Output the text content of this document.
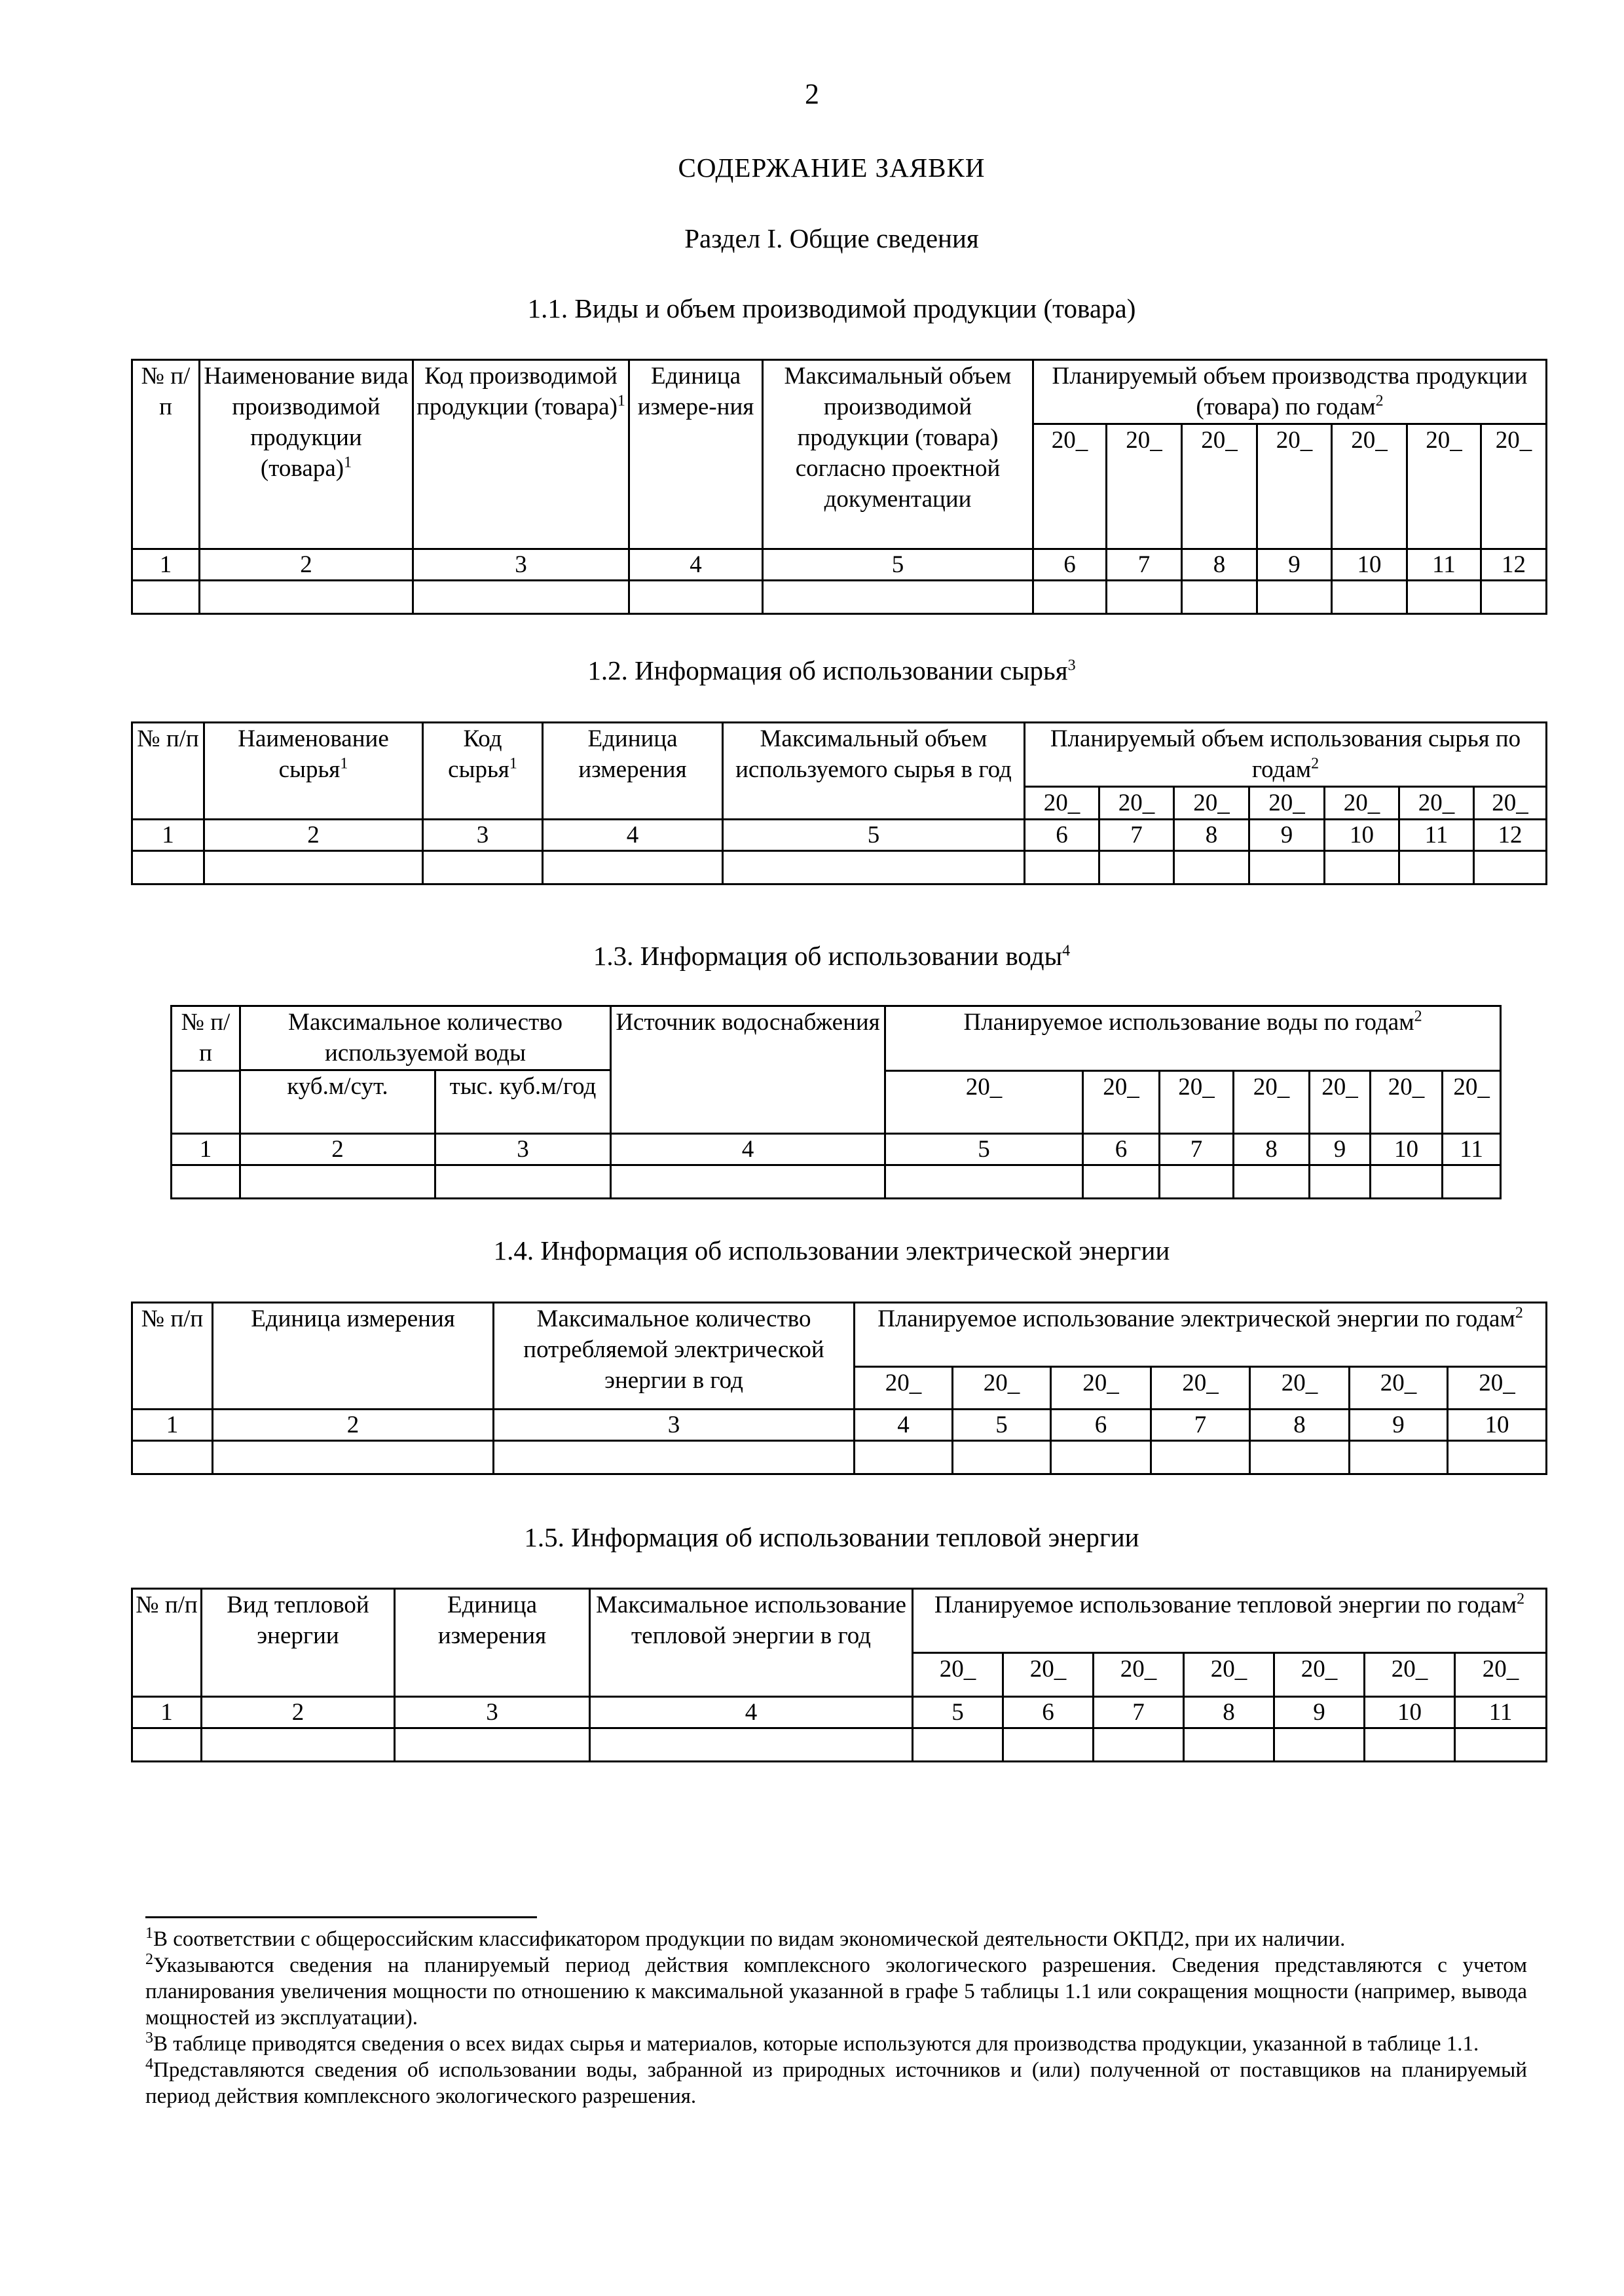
2
СОДЕРЖАНИЕ ЗАЯВКИ
Раздел I. Общие сведения
1.1. Виды и объем производимой продукции (товара)
№ п/п	Наименование вида производимой продукции (товара)$^1$	Код производимой продукции (товара)$^1$	Единица измере-ния	Максимальный объем производимой продукции (товара) согласно проектной документации	Планируемый объем производства продукции (товара) по годам$^2$
					20_	20_	20_	20_	20_	20_	20_
1	2	3	4	5	6	7	8	9	10	11	12

1.2. Информация об использовании сырья$^3$
№ п/п	Наименование сырья$^1$	Код сырья$^1$	Единица измерения	Максимальный объем используемого сырья в год	Планируемый объем использования сырья по годам$^2$
					20_	20_	20_	20_	20_	20_	20_
1	2	3	4	5	6	7	8	9	10	11	12

1.3. Информация об использовании воды$^4$
№ п/п	Максимальное количество используемой воды		Источник водоснабжения	Планируемое использование воды по годам$^2$
	куб.м/сут.	тыс. куб.м/год								
				20_	20_	20_	20_	20_	20_	20_
1	2	3	4	5	6	7	8	9	10	11

1.4. Информация об использовании электрической энергии
№ п/п	Единица измерения	Максимальное количество потребляемой электрической энергии в год	Планируемое использование электрической энергии по годам$^2$
			20_	20_	20_	20_	20_	20_	20_
1	2	3	4	5	6	7	8	9	10

1.5. Информация об использовании тепловой энергии
№ п/п	Вид тепловой энергии	Единица измерения	Максимальное использование тепловой энергии в год	Планируемое использование тепловой энергии по годам$^2$
				20_	20_	20_	20_	20_	20_	20_
1	2	3	4	5	6	7	8	9	10	11

$^1$В соответствии с общероссийским классификатором продукции по видам экономической деятельности ОКПД2, при их наличии.

$^2$Указываются сведения на планируемый период действия комплексного экологического разрешения. Сведения представляются с учетом планирования увеличения мощности по отношению к максимальной указанной в графе 5 таблицы 1.1 или сокращения мощности (например, вывода мощностей из эксплуатации).

$^3$В таблице приводятся сведения о всех видах сырья и материалов, которые используются для производства продукции, указанной в таблице 1.1.

$^4$Представляются сведения об использовании воды, забранной из природных источников и (или) полученной от поставщиков на планируемый период действия комплексного экологического разрешения.
